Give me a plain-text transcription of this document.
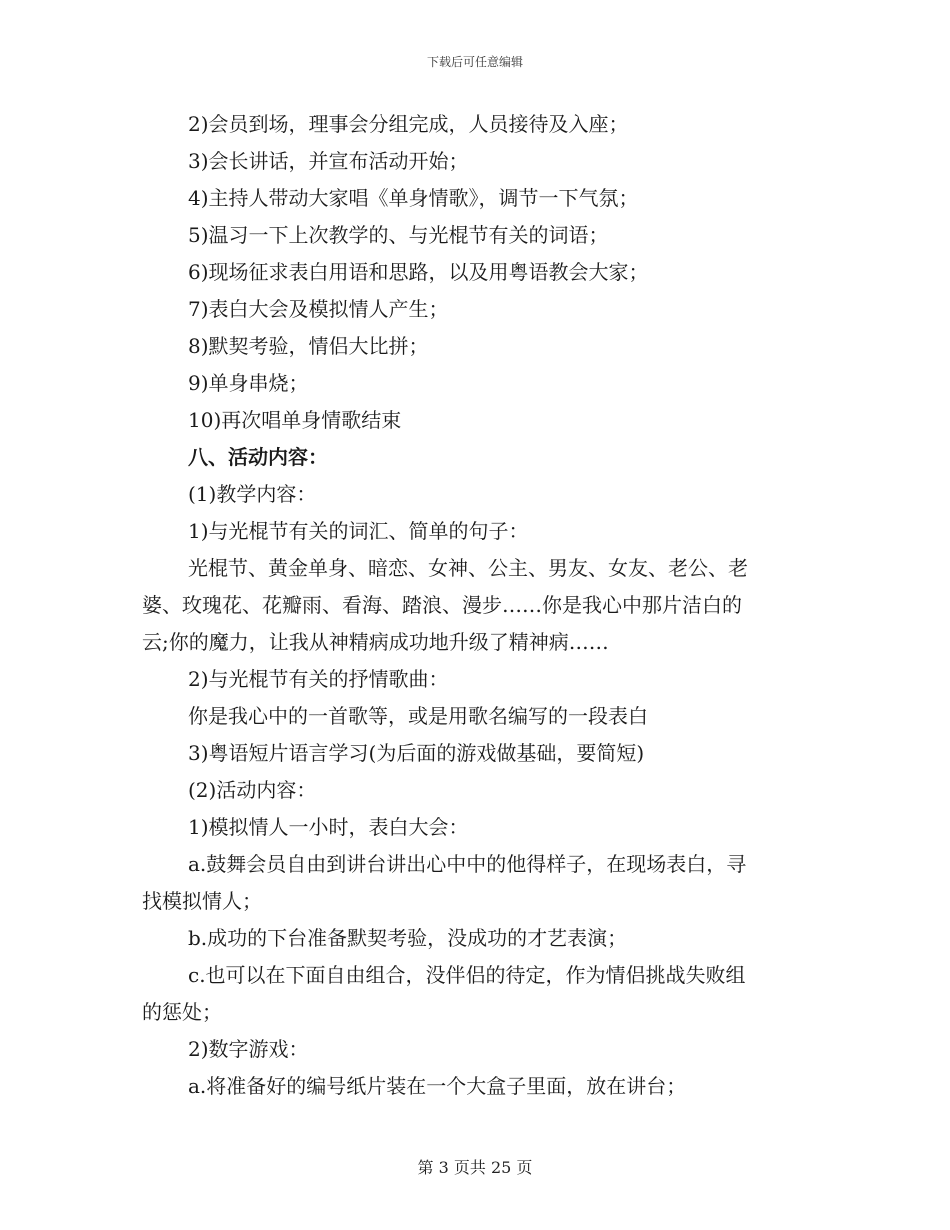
下载后可任意编辑
2)会员到场，理事会分组完成，人员接待及入座；
3)会长讲话，并宣布活动开始；
4)主持人带动大家唱《单身情歌》，调节一下气氛；
5)温习一下上次教学的、与光棍节有关的词语；
6)现场征求表白用语和思路，以及用粤语教会大家；
7)表白大会及模拟情人产生；
8)默契考验，情侣大比拼；
9)单身串烧；
10)再次唱单身情歌结束
八、活动内容：
(1)教学内容：
1)与光棍节有关的词汇、简单的句子：
光棍节、黄金单身、暗恋、女神、公主、男友、女友、老公、老
婆、玫瑰花、花瓣雨、看海、踏浪、漫步……你是我心中那片洁白的
云;你的魔力，让我从神精病成功地升级了精神病……
2)与光棍节有关的抒情歌曲：
你是我心中的一首歌等，或是用歌名编写的一段表白
3)粤语短片语言学习(为后面的游戏做基础，要简短)
(2)活动内容：
1)模拟情人一小时，表白大会：
a.鼓舞会员自由到讲台讲出心中中的他得样子，在现场表白，寻
找模拟情人；
b.成功的下台准备默契考验，没成功的才艺表演；
c.也可以在下面自由组合，没伴侣的待定，作为情侣挑战失败组
的惩处；
2)数字游戏：
a.将准备好的编号纸片装在一个大盒子里面，放在讲台；
第 3 页共 25 页
